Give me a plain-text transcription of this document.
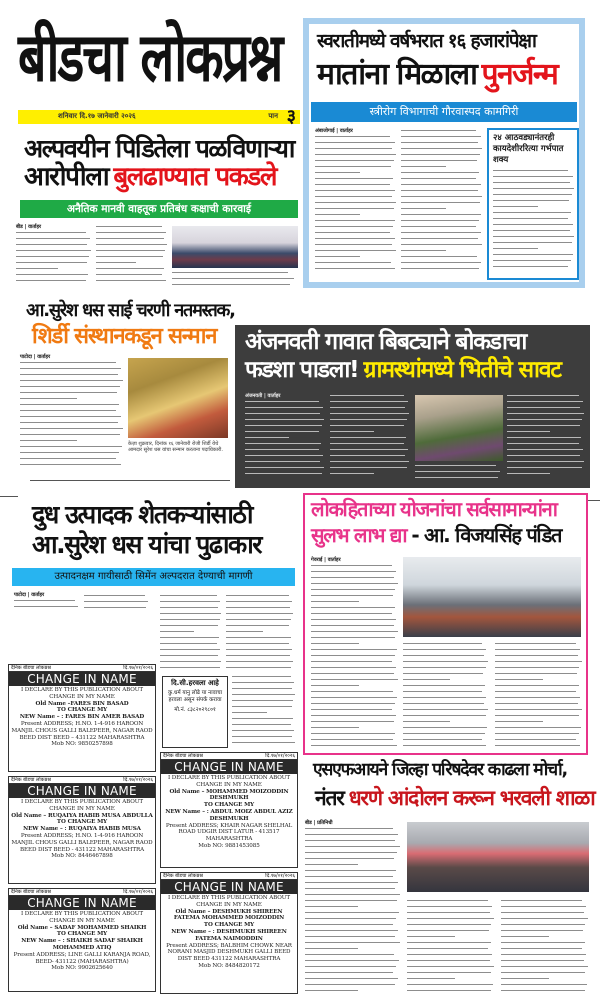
बीडचा लोकप्रश्न
शनिवार दि.१७ जानेवारी २०२६	पान ३
स्वरातीमध्ये वर्षभरात १६ हजारांपेक्षा
मातांना मिळाला पुनर्जन्म
स्त्रीरोग विभागाची गौरवास्पद कामगिरी
अंबाजोगाई | वार्ताहर
२४ आठवड्यानंतरही कायदेशीररित्या गर्भपात शक्य
अल्पवयीन पिडितेला पळविणाऱ्या
आरोपीला बुलढाण्यात पकडले
अनैतिक मानवी वाहतूक प्रतिबंध कक्षाची कारवाई
बीड | वार्ताहर
आ.सुरेश धस साई चरणी नतमस्तक,
शिर्डी संस्थानकडून सन्मान
पाटोदा | वार्ताहर
केज़ा शुक्रवार, दिनांक १६ जानेवारी रोजी शिर्डी येथे आमदार सुरेश धस यांचा सन्मान करताना पदाधिकारी.
अंजनवती गावात बिबट्याने बोकडाचा
फडशा पाडला! ग्रामस्थांमध्ये भितीचे सावट
अंजनवती | वार्ताहर
दुध उत्पादक शेतकऱ्यांसाठी
आ.सुरेश धस यांचा पुढाकार
उत्पादनक्षम गायीसाठी सिमेंन अल्पदरात देण्याची मागणी
पाटोदा | वार्ताहर
लोकहिताच्या योजनांचा सर्वसामान्यांना
सुलभ लाभ द्या - आ. विजयसिंह पंडित
गेवराई | वार्ताहर
एसएफआयने जिल्हा परिषदेवर काढला मोर्चा,
नंतर धरणे आंदोलन करून भरवली शाळा
बीड | प्रतिनिधी
दि.सी.हरवला आहे
कु.धर्म यानु लोढे या नावाचा हरवला असून संपर्क करावा
मो.नं. ८३८२०२९८०१
दैनिक बीडचा लोकप्रश्न	दि.१७/०१/२०२६
CHANGE IN NAME
I DECLARE BY THIS PUBLICATION ABOUT CHANGE IN MY NAME
Old Name –FARES BIN BASAD
TO CHANGE MY
NEW Name – : FARES BIN AMER BASAD
Present ADDRESS; H.NO. 1-4-916 HAROON MANJIL CHOUS GALLI BALEPEER, NAGAR RAOD BEED DIST BEED – 431122 MAHARASHTRA
Mob NO: 9850257898
दैनिक बीडचा लोकप्रश्न	दि.१७/०१/२०२६
CHANGE IN NAME
I DECLARE BY THIS PUBLICATION ABOUT CHANGE IN MY NAME
Old Name – RUQAIYA HABIB MUSA ABDULLA
TO CHANGE MY
NEW Name – : RUQAIYA HABIB MUSA
Present ADDRESS; H.NO. 1-4-916 HAROON MANJIL CHOUS GALLI BALEPEER, NAGAR RAOD BEED DIST BEED - 431122 MAHARASHTRA
Mob NO: 8446467898
दैनिक बीडचा लोकप्रश्न	दि.१७/०१/२०२६
CHANGE IN NAME
I DECLARE BY THIS PUBLICATION ABOUT CHANGE IN MY NAME
Old Name – SADAF MOHAMMED SHAIKH
TO CHANGE MY
NEW Name – : SHAIKH SADAF SHAIKH MOHAMMED ATIQ
Present ADDRESS; LINE GALLI KARANJA ROAD, BEED- 431122 (MAHARASHTRA)
Mob NO: 9902625640
दैनिक बीडचा लोकप्रश्न	दि.१७/०१/२०२६
CHANGE IN NAME
I DECLARE BY THIS PUBLICATION ABOUT CHANGE IN MY NAME
Old Name – MOHAMMED MOIZODDIN DESHMUKH
TO CHANGE MY
NEW Name – : ABDUL MOIZ ABDUL AZIZ DESHMUKH
Present ADDRESS; KHAIR NAGAR SHELHAL ROAD UDGIR DIST LATUR - 413517 MAHARASHTRA
Mob NO: 9881453085
दैनिक बीडचा लोकप्रश्न	दि.१७/०१/२०२६
CHANGE IN NAME
I DECLARE BY THIS PUBLICATION ABOUT CHANGE IN MY NAME
Old Name – DESHMUKH SHIREEN FATEMA MOHAMMED MOIZODDIN
TO CHANGE MY
NEW Name – : DESHMUKH SHIREEN FATEMA NAIMODDIN
Present ADDRESS; BALBHIM CHOWK NEAR NORANI MASJID DESHMUKH GALLI BEED DIST BEED 431122 MAHARASHTRA
Mob NO: 8484820172
